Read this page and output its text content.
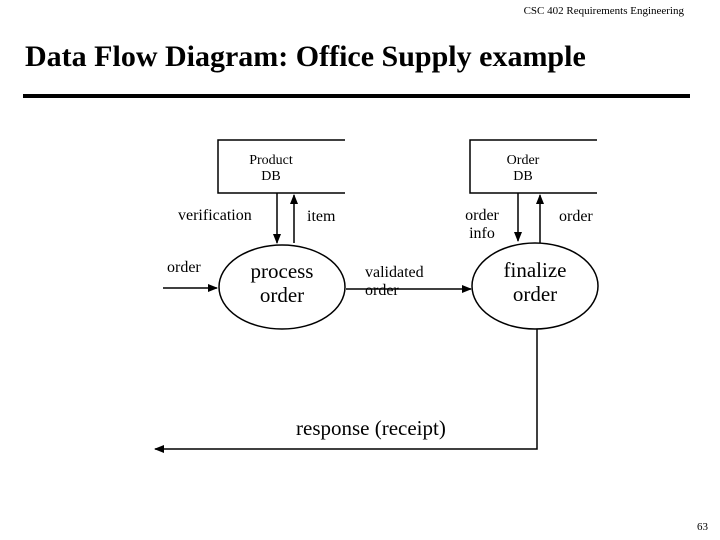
CSC 402 Requirements Engineering
Data Flow Diagram: Office Supply example
Product
DB
Order
DB
process
order
finalize
order
verification	item	order
info
order
order	validated
order
response (receipt)
63
